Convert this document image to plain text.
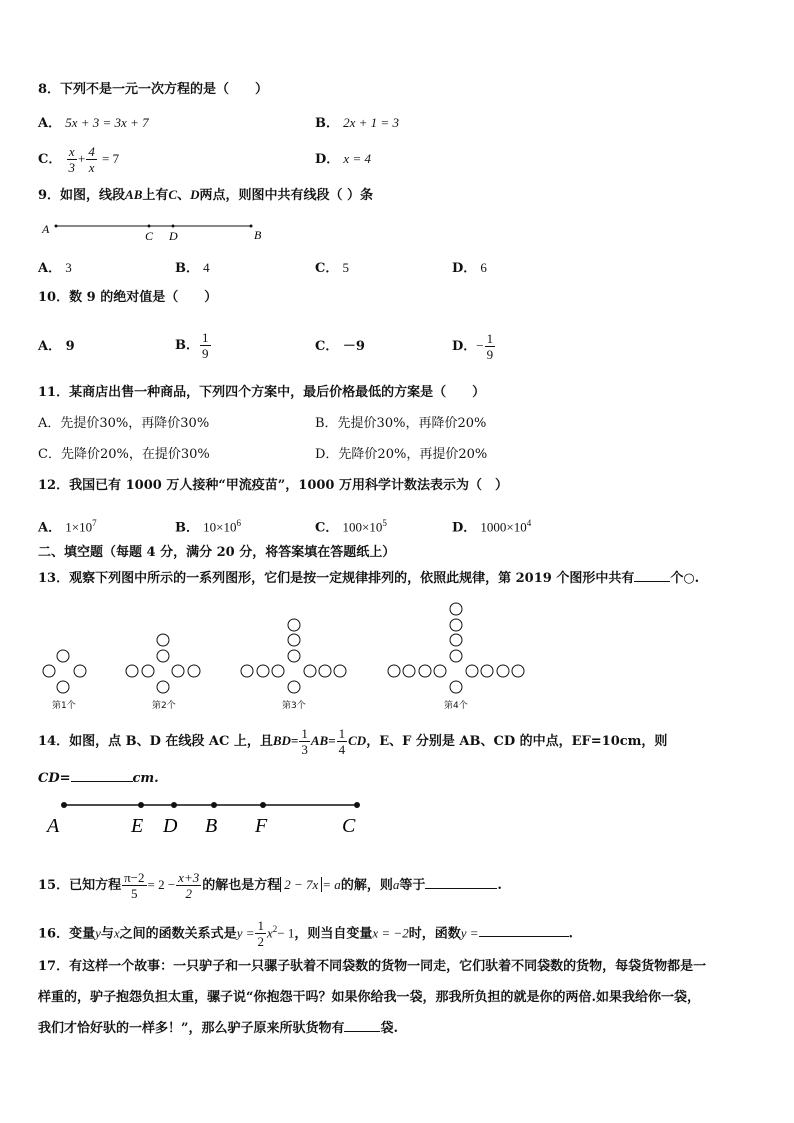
8．下列不是一元一次方程的是（　　）
A． 5x + 3 = 3x + 7	B． 2x + 1 = 3
C． $\frac{x}{3} + \frac{4}{x} = 7$	D． x = 4
9．如图，线段AB上有C、D两点，则图中共有线段（ ）条
A	C D	B
A． 3	B． 4	C． 5	D． 6
10．数 9 的绝对值是（　　）
A． 9	B． $\frac{1}{9}$	C． －9	D．− $\frac{1}{9}$
11．某商店出售一种商品，下列四个方案中，最后价格最低的方案是（　　）
A．先提价30%，再降价30%	B．先提价30%，再降价20%
C．先降价20%，在提价30%	D．先降价20%，再提价20%
12．我国已有 1000 万人接种“甲流疫苗”，1000 万用科学计数法表示为（　）
A． $1\times 10^7$	B． $10\times 10^6$	C． $100\times 10^5$	D． $1000\times 10^4$
二、填空题（每题 4 分，满分 20 分，将答案填在答题纸上）
13．观察下列图中所示的一系列图形，它们是按一定规律排列的，依照此规律，第 2019 个图形中共有	个○.
第1个	第2个	第3个	第4个
14．如图，点 B、D 在线段 AC 上，且$BD= \frac{1}{3} AB= \frac{1}{4}$ CD，E、F 分别是 AB、CD 的中点，EF=10cm，则
CD=	cm.
A	E D B F	C
15．已知方程 $\frac{\pi-2}{5} = 2 - \frac{x+3}{2}$ 的解也是方程 2 − 7x = a的解，则a等于	.
16．变量y与x之间的函数关系式是$y = \frac{1}{2} x^2- 1$，则当自变量x = −2时，函数y =	.
17．有这样一个故事：一只驴子和一只骡子驮着不同袋数的货物一同走，它们驮着不同袋数的货物，每袋货物都是一
样重的，驴子抱怨负担太重，骡子说“你抱怨干吗？如果你给我一袋，那我所负担的就是你的两倍.如果我给你一袋，
我们才恰好驮的一样多！”，那么驴子原来所驮货物有	袋.
